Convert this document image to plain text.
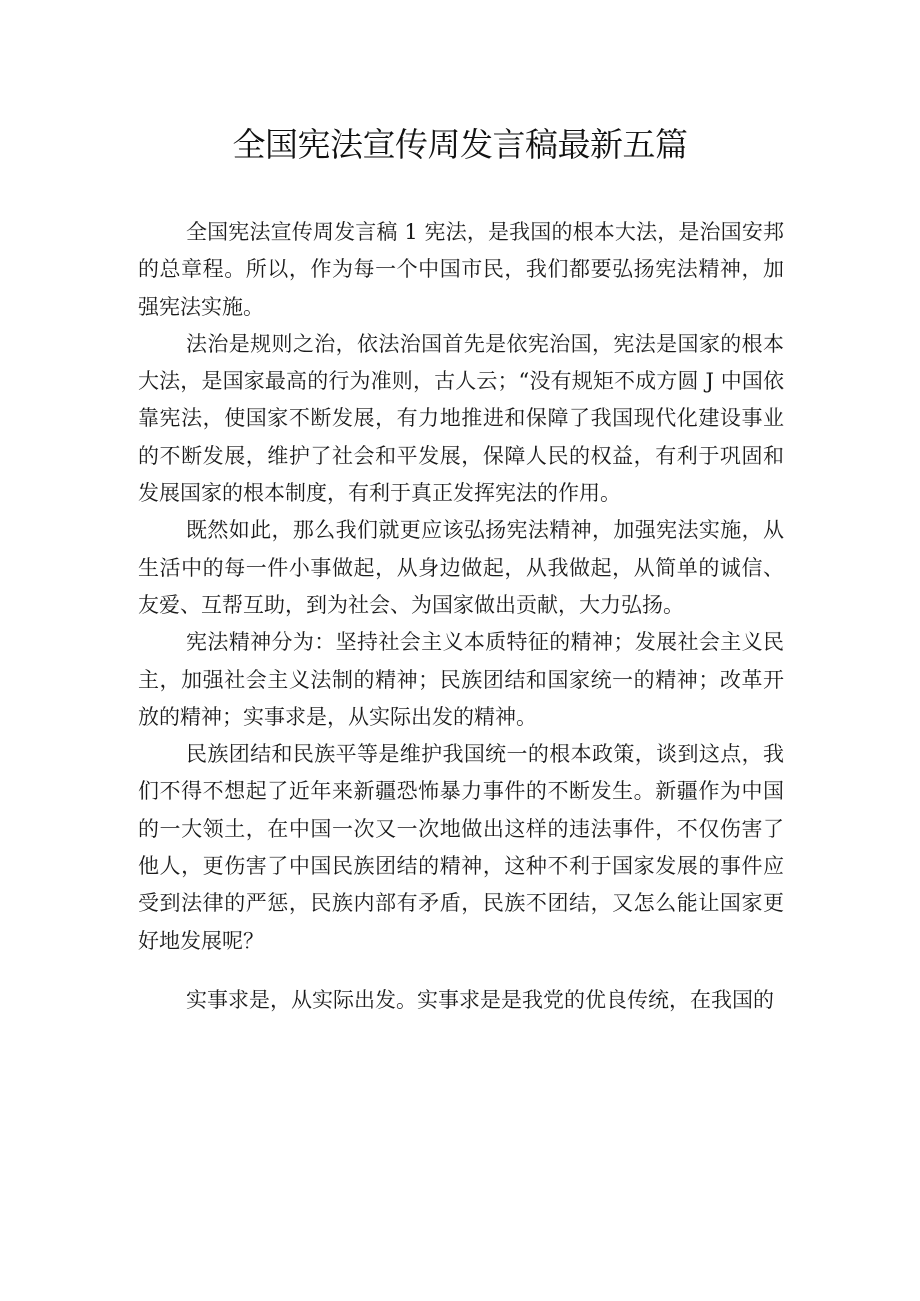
全国宪法宣传周发言稿最新五篇

全国宪法宣传周发言稿 1 宪法，是我国的根本大法，是治国安邦的总章程。所以，作为每一个中国市民，我们都要弘扬宪法精神，加强宪法实施。

法治是规则之治，依法治国首先是依宪治国，宪法是国家的根本大法，是国家最高的行为准则，古人云；“没有规矩不成方圆 J 中国依靠宪法，使国家不断发展，有力地推进和保障了我国现代化建设事业的不断发展，维护了社会和平发展，保障人民的权益，有利于巩固和发展国家的根本制度，有利于真正发挥宪法的作用。

既然如此，那么我们就更应该弘扬宪法精神，加强宪法实施，从生活中的每一件小事做起，从身边做起，从我做起，从简单的诚信、友爱、互帮互助，到为社会、为国家做出贡献，大力弘扬。

宪法精神分为：坚持社会主义本质特征的精神；发展社会主义民主，加强社会主义法制的精神；民族团结和国家统一的精神；改革开放的精神；实事求是，从实际出发的精神。

民族团结和民族平等是维护我国统一的根本政策，谈到这点，我们不得不想起了近年来新疆恐怖暴力事件的不断发生。新疆作为中国的一大领土，在中国一次又一次地做出这样的违法事件，不仅伤害了他人，更伤害了中国民族团结的精神，这种不利于国家发展的事件应受到法律的严惩，民族内部有矛盾，民族不团结，又怎么能让国家更好地发展呢？

实事求是，从实际出发。实事求是是我党的优良传统，在我国的
